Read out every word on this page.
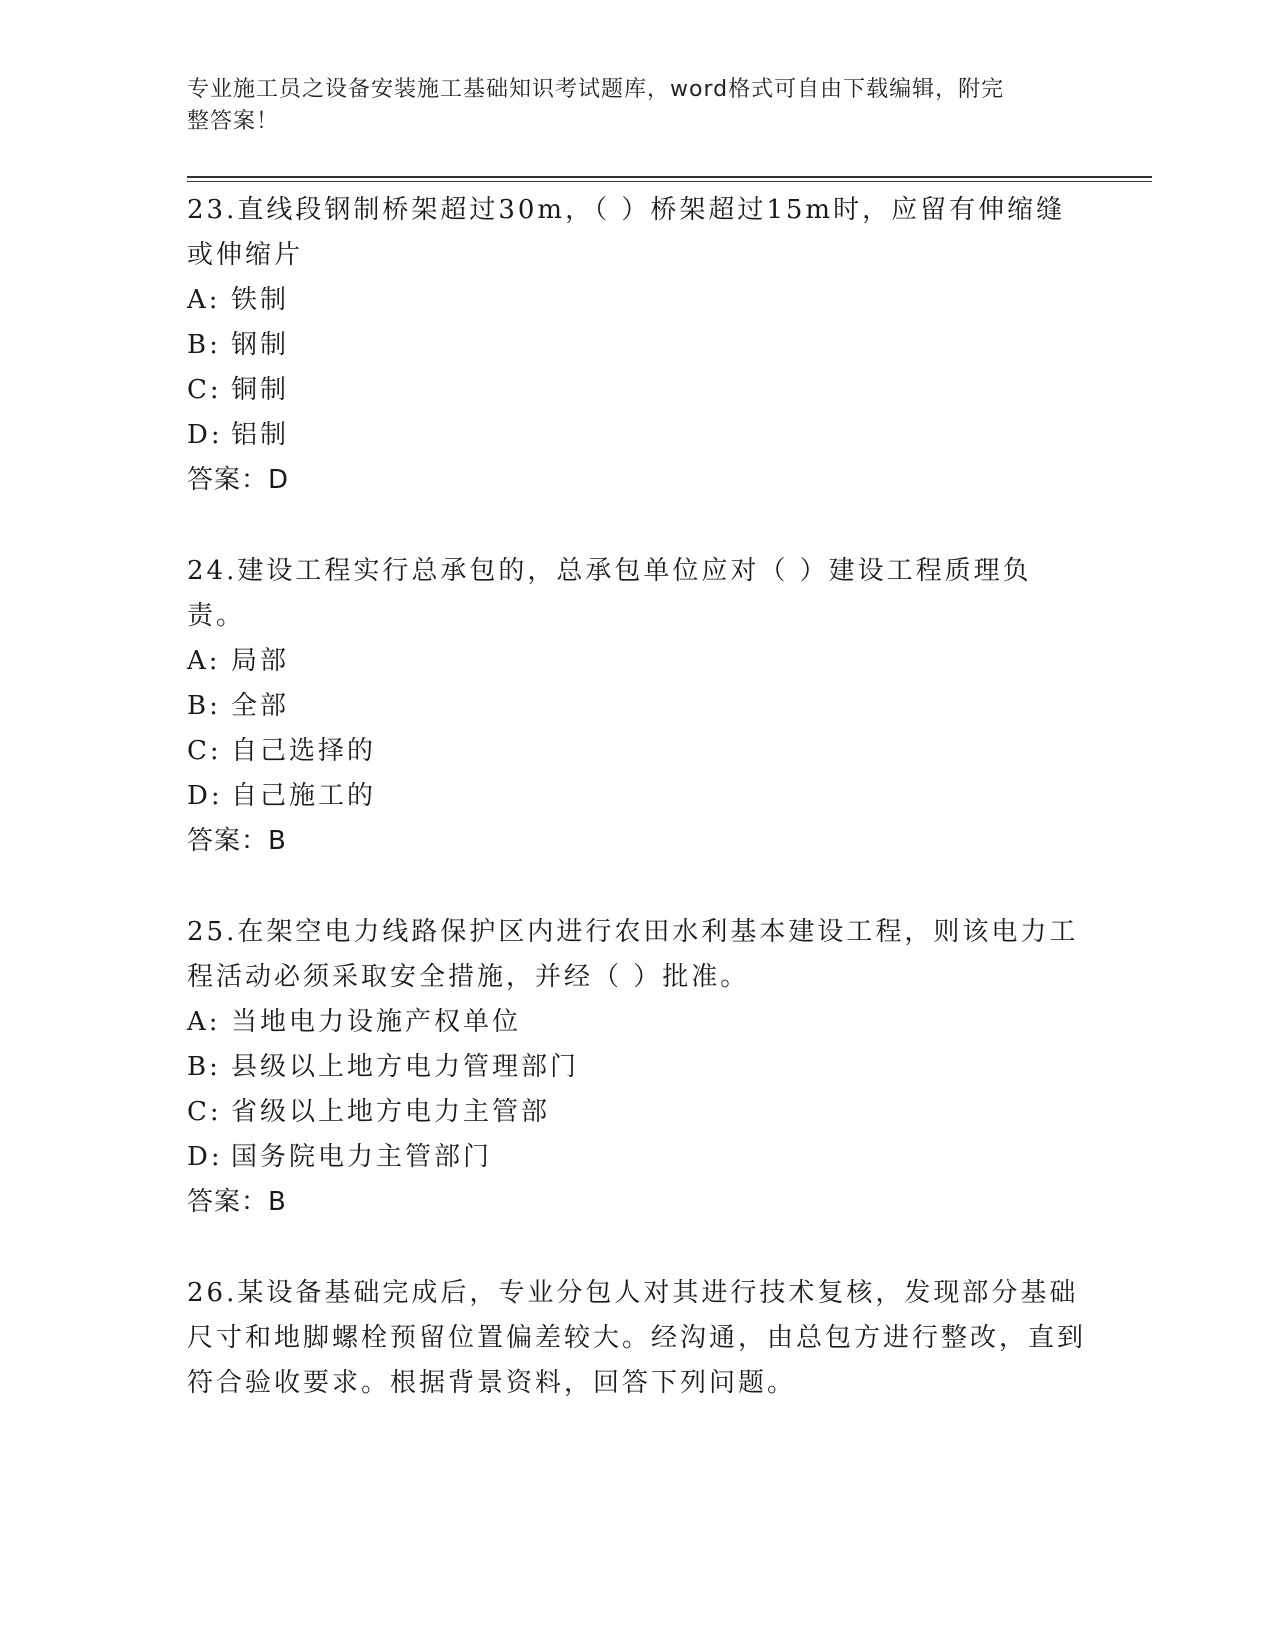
专业施工员之设备安装施工基础知识考试题库，word格式可自由下载编辑，附完
整答案！

23.直线段钢制桥架超过30m，（ ）桥架超过15m时，应留有伸缩缝或伸缩片

A: 铁制

B: 钢制

C: 铜制

D: 铝制

答案：D

24.建设工程实行总承包的，总承包单位应对（ ）建设工程质理负责。

A: 局部

B: 全部

C: 自己选择的

D: 自己施工的

答案：B

25.在架空电力线路保护区内进行农田水利基本建设工程，则该电力工程活动必须采取安全措施，并经（ ）批准。

A: 当地电力设施产权单位

B: 县级以上地方电力管理部门

C: 省级以上地方电力主管部

D: 国务院电力主管部门

答案：B

26.某设备基础完成后，专业分包人对其进行技术复核，发现部分基础尺寸和地脚螺栓预留位置偏差较大。经沟通，由总包方进行整改，直到符合验收要求。根据背景资料，回答下列问题。
